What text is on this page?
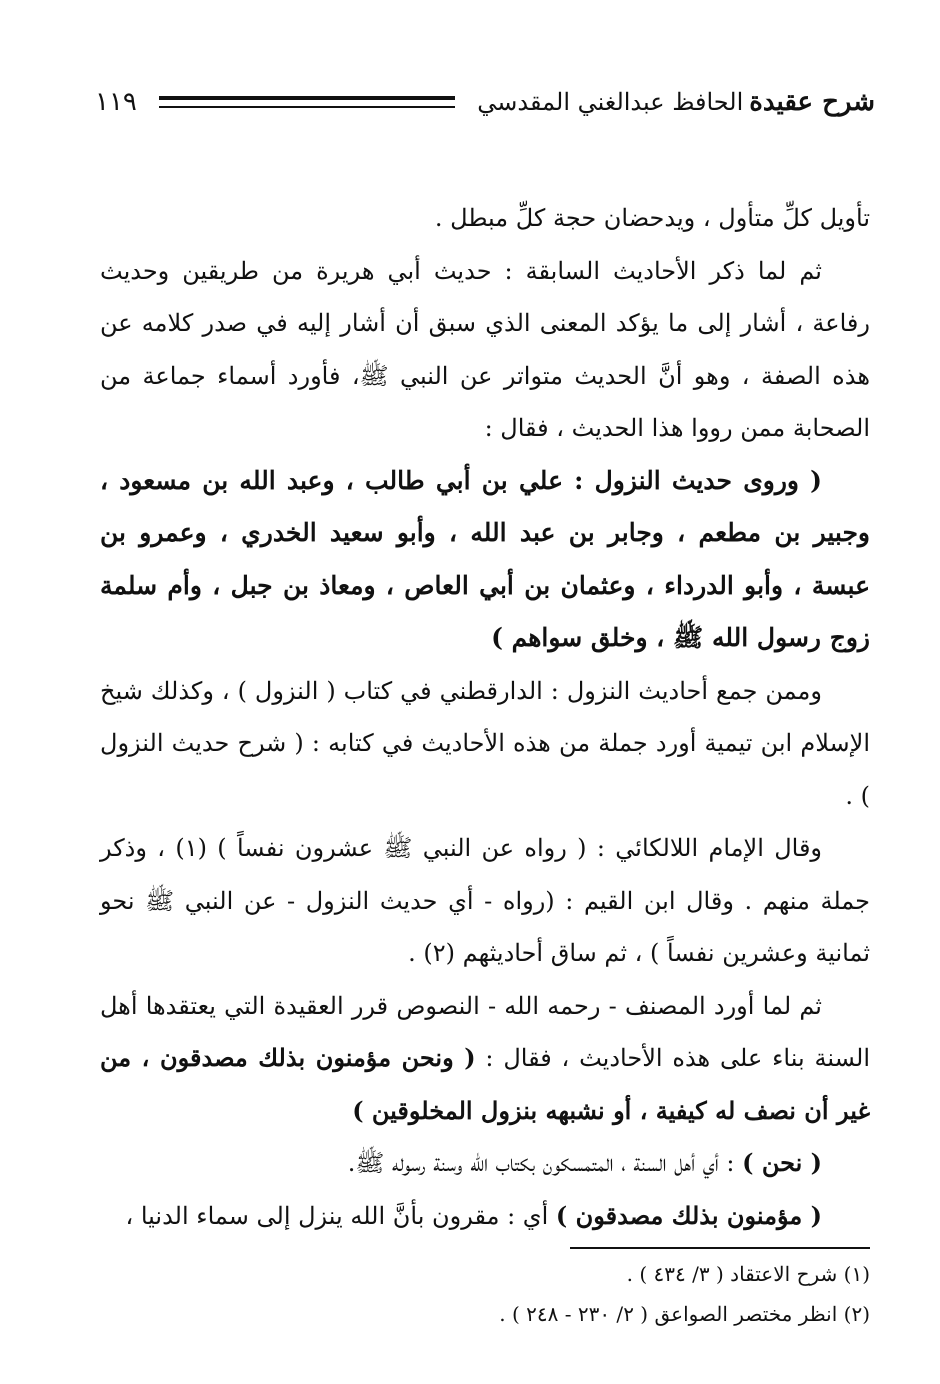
شرح عقيدة
الحافظ عبدالغني المقدسي
١١٩

تأويل كلِّ متأول ، ويدحضان حجة كلِّ مبطل .

ثم لما ذكر الأحاديث السابقة : حديث أبي هريرة من طريقين وحديث رفاعة ، أشار إلى ما يؤكد المعنى الذي سبق أن أشار إليه في صدر كلامه عن هذه الصفة ، وهو أنَّ الحديث متواتر عن النبي ﷺ، فأورد أسماء جماعة من الصحابة ممن رووا هذا الحديث ، فقال :

( وروى حديث النزول : علي بن أبي طالب ، وعبد الله بن مسعود ، وجبير بن مطعم ، وجابر بن عبد الله ، وأبو سعيد الخدري ، وعمرو بن عبسة ، وأبو الدرداء ، وعثمان بن أبي العاص ، ومعاذ بن جبل ، وأم سلمة زوج رسول الله ﷺ ، وخلق سواهم )

وممن جمع أحاديث النزول : الدارقطني في كتاب ( النزول ) ، وكذلك شيخ الإسلام ابن تيمية أورد جملة من هذه الأحاديث في كتابه : ( شرح حديث النزول ) .

وقال الإمام اللالكائي : ( رواه عن النبي ﷺ عشرون نفساً ) (١) ، وذكر جملة منهم . وقال ابن القيم : (رواه - أي حديث النزول - عن النبي ﷺ نحو ثمانية وعشرين نفساً ) ، ثم ساق أحاديثهم (٢) .

ثم لما أورد المصنف - رحمه الله - النصوص قرر العقيدة التي يعتقدها أهل السنة بناء على هذه الأحاديث ، فقال : ( ونحن مؤمنون بذلك مصدقون ، من غير أن نصف له كيفية ، أو نشبهه بنزول المخلوقين )

( نحن ) : أي أهل السنة ، المتمسكون بكتاب الله وسنة رسوله ﷺ.

( مؤمنون بذلك مصدقون ) أي : مقرون بأنَّ الله ينزل إلى سماء الدنيا ،

(١) شرح الاعتقاد ( ٣/ ٤٣٤ ) .

(٢) انظر مختصر الصواعق ( ٢/ ٢٣٠ - ٢٤٨ ) .
